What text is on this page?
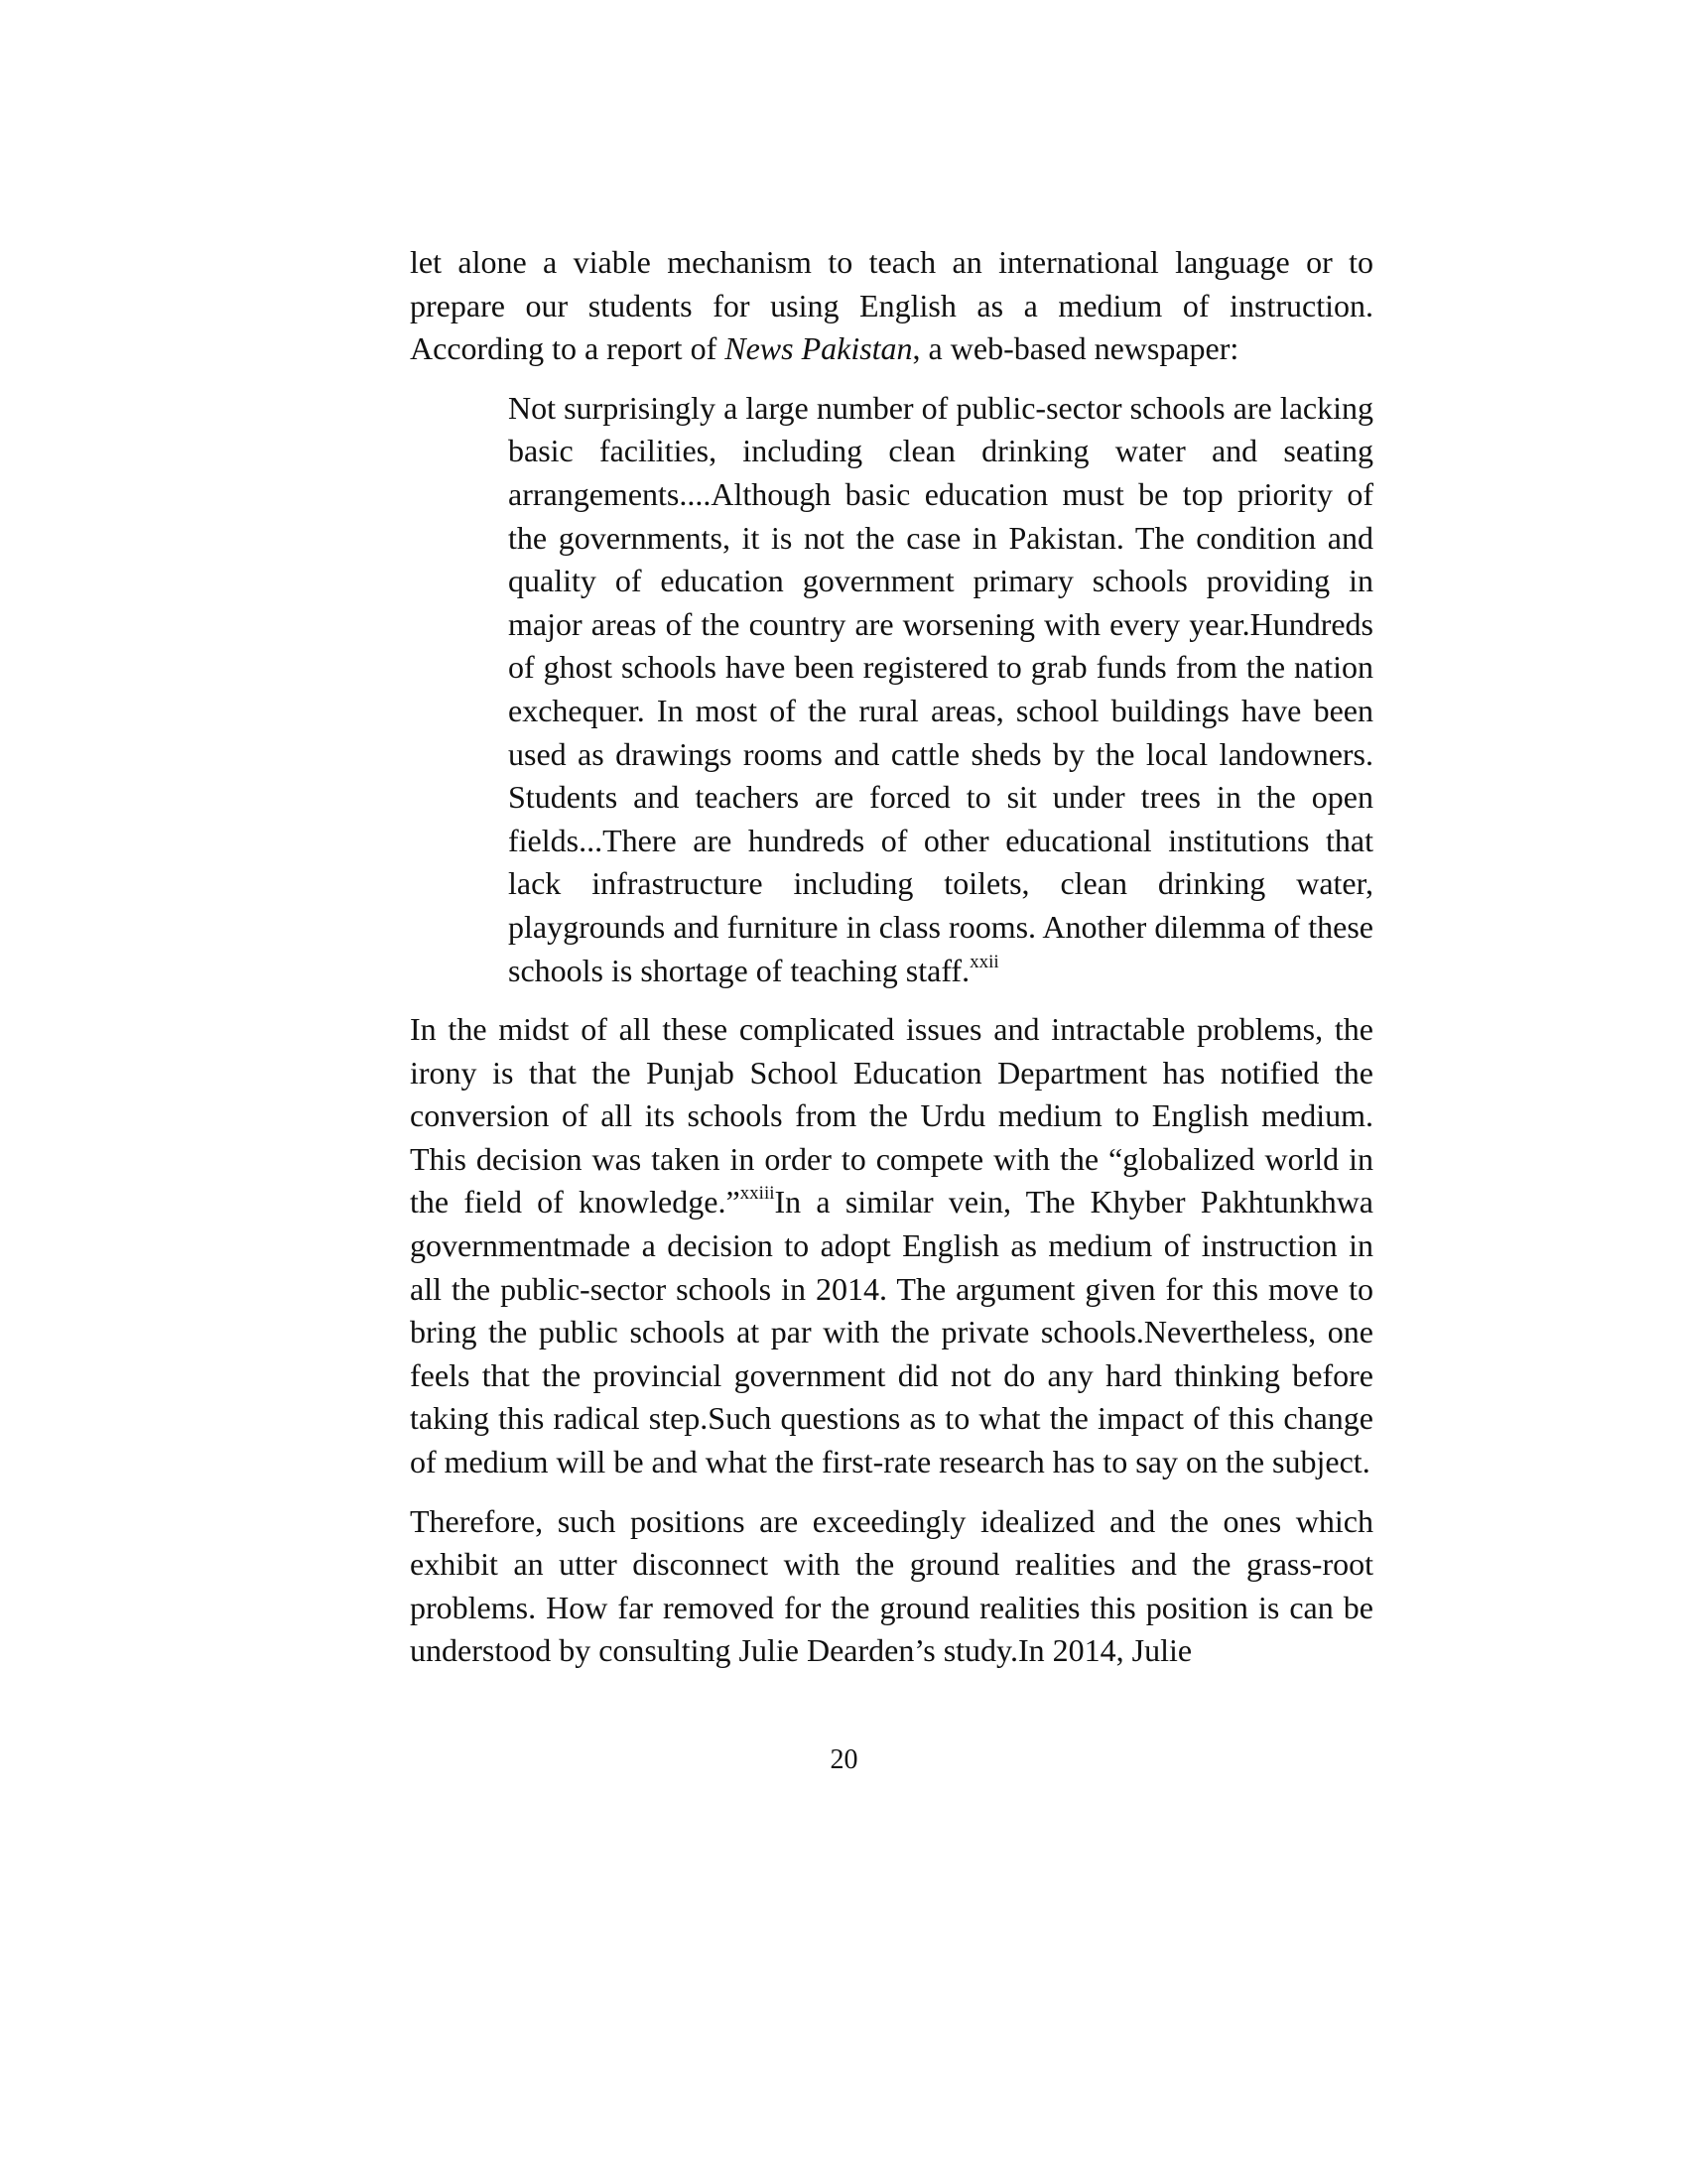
let alone a viable mechanism to teach an international language or to prepare our students for using English as a medium of instruction. According to a report of News Pakistan, a web-based newspaper:

Not surprisingly a large number of public-sector schools are lacking basic facilities, including clean drinking water and seating arrangements....Although basic education must be top priority of the governments, it is not the case in Pakistan. The condition and quality of education government primary schools providing in major areas of the country are worsening with every year.Hundreds of ghost schools have been registered to grab funds from the nation exchequer. In most of the rural areas, school buildings have been used as drawings rooms and cattle sheds by the local landowners. Students and teachers are forced to sit under trees in the open fields...There are hundreds of other educational institutions that lack infrastructure including toilets, clean drinking water, playgrounds and furniture in class rooms. Another dilemma of these schools is shortage of teaching staff.$^{xxii}$

In the midst of all these complicated issues and intractable problems, the irony is that the Punjab School Education Department has notified the conversion of all its schools from the Urdu medium to English medium. This decision was taken in order to compete with the “globalized world in the field of knowledge.”$^{xxiii}$In a similar vein, The Khyber Pakhtunkhwa governmentmade a decision to adopt English as medium of instruction in all the public-sector schools in 2014. The argument given for this move to bring the public schools at par with the private schools.Nevertheless, one feels that the provincial government did not do any hard thinking before taking this radical step.Such questions as to what the impact of this change of medium will be and what the first-rate research has to say on the subject.

Therefore, such positions are exceedingly idealized and the ones which exhibit an utter disconnect with the ground realities and the grass-root problems. How far removed for the ground realities this position is can be understood by consulting Julie Dearden’s study.In 2014, Julie

20
